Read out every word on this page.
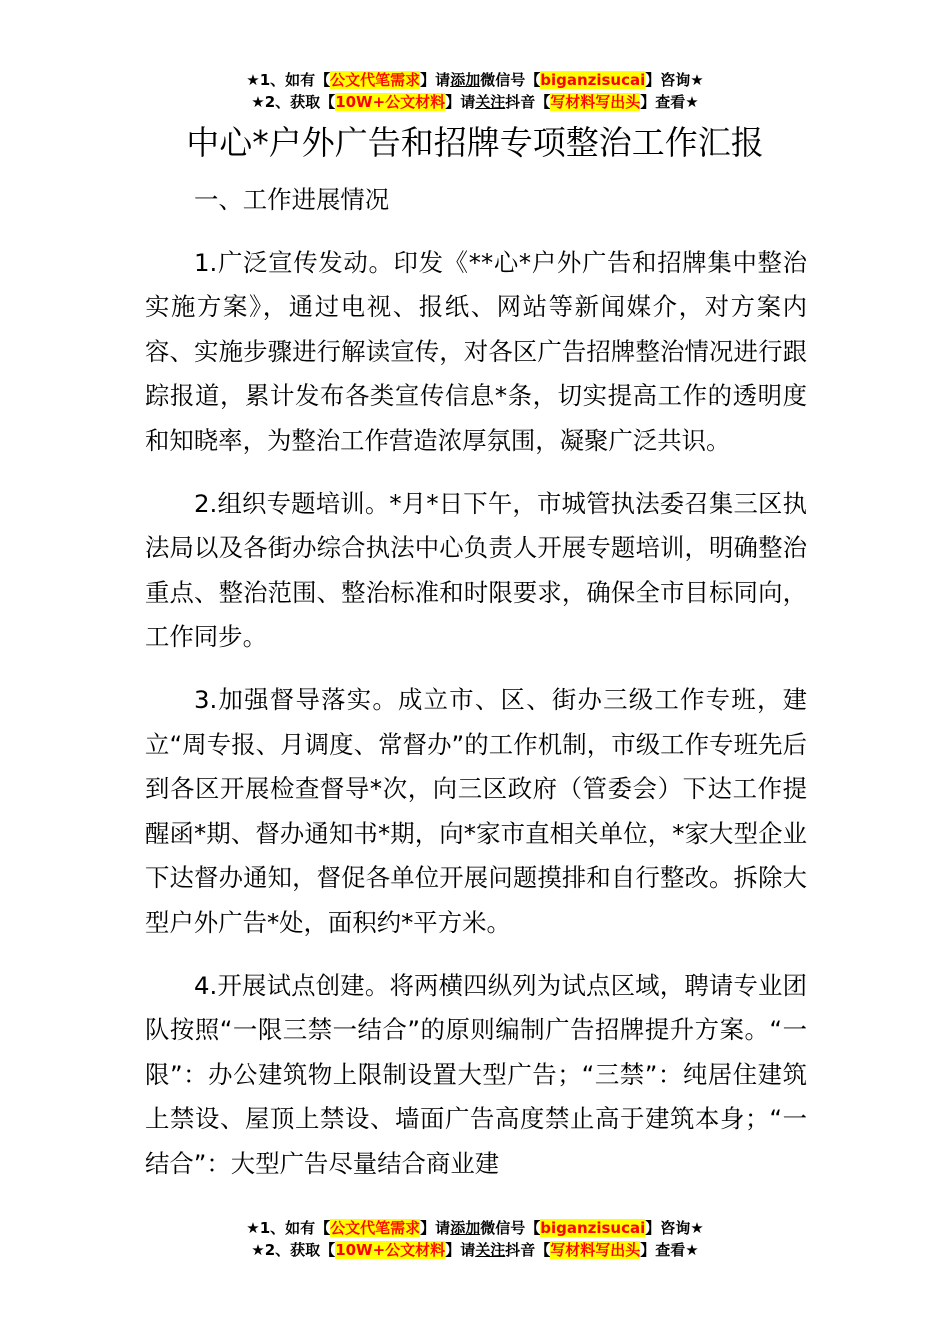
★1、如有【公文代笔需求】请添加微信号【biganzisucai】咨询★
★2、获取【10W+公文材料】请关注抖音【写材料写出头】查看★
中心*户外广告和招牌专项整治工作汇报

一、工作进展情况

1.广泛宣传发动。印发《**心*户外广告和招牌集中整治实施方案》，通过电视、报纸、网站等新闻媒介，对方案内容、实施步骤进行解读宣传，对各区广告招牌整治情况进行跟踪报道，累计发布各类宣传信息*条，切实提高工作的透明度和知晓率，为整治工作营造浓厚氛围，凝聚广泛共识。

2.组织专题培训。*月*日下午，市城管执法委召集三区执法局以及各街办综合执法中心负责人开展专题培训，明确整治重点、整治范围、整治标准和时限要求，确保全市目标同向，工作同步。

3.加强督导落实。成立市、区、街办三级工作专班，建立“周专报、月调度、常督办”的工作机制，市级工作专班先后到各区开展检查督导*次，向三区政府（管委会）下达工作提醒函*期、督办通知书*期，向*家市直相关单位，*家大型企业下达督办通知，督促各单位开展问题摸排和自行整改。拆除大型户外广告*处，面积约*平方米。

4.开展试点创建。将两横四纵列为试点区域，聘请专业团队按照“一限三禁一结合”的原则编制广告招牌提升方案。“一限”：办公建筑物上限制设置大型广告；“三禁”：纯居住建筑上禁设、屋顶上禁设、墙面广告高度禁止高于建筑本身；“一结合”：大型广告尽量结合商业建

★1、如有【公文代笔需求】请添加微信号【biganzisucai】咨询★
★2、获取【10W+公文材料】请关注抖音【写材料写出头】查看★
